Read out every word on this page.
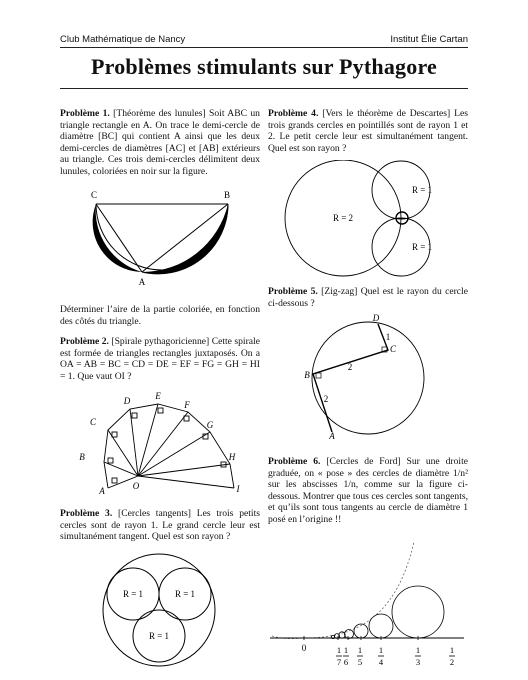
Club Mathématique de Nancy	Institut Élie Cartan
Problèmes stimulants sur Pythagore
Problème 1. [Théorème des lunules] Soit ABC un triangle rectangle en A. On trace le demi-cercle de diamètre [BC] qui contient A ainsi que les deux demi-cercles de diamètres [AC] et [AB] extérieurs au triangle. Ces trois demi-cercles délimitent deux lunules, coloriées en noir sur la figure.
C	B
A
Déterminer l’aire de la partie coloriée, en fonction des côtés du triangle.
Problème 2. [Spirale pythagoricienne] Cette spirale est formée de triangles rectangles juxtaposés. On a OA = AB = BC = CD = DE = EF = FG = GH = HI = 1. Que vaut OI ?
O
A
B
C
D	E
F
G
H
I
Problème 3. [Cercles tangents] Les trois petits cercles sont de rayon 1. Le grand cercle leur est simultanément tangent. Quel est son rayon ?
R = 1	R = 1
R = 1
Problème 4. [Vers le théorème de Descartes] Les trois grands cercles en pointillés sont de rayon 1 et 2. Le petit cercle leur est simultanément tangent. Quel est son rayon ?
R = 2
R = 1
R = 1
Problème 5. [Zig-zag] Quel est le rayon du cercle ci-dessous ?
D
C
B
A
1
2
2
Problème 6. [Cercles de Ford] Sur une droite graduée, on « pose » des cercles de diamètre 1/n² sur les abscisses 1/n, comme sur la figure ci-dessous. Montrer que tous ces cercles sont tangents, et qu’ils sont tous tangents au cercle de diamètre 1 posé en l’origine !!
0	1
7
1
6
1
5
1
4
1
3
1
2
